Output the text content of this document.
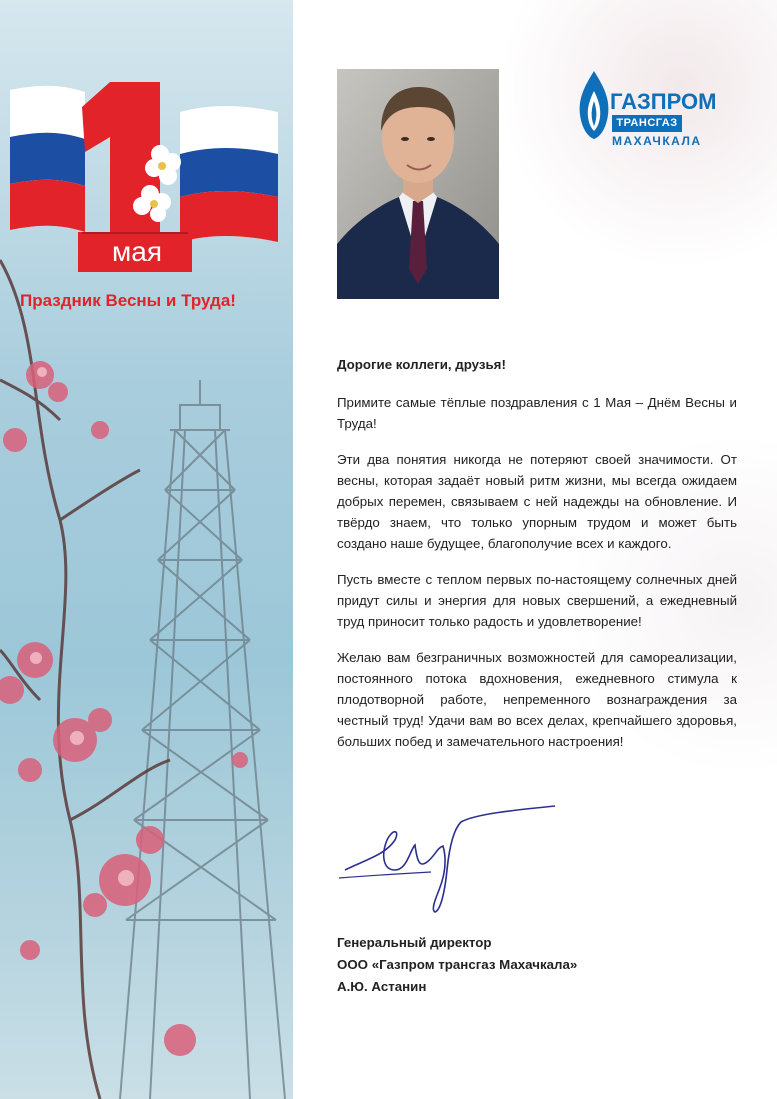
мая
Праздник Весны и Труда!
ГАЗПРОМ
ТРАНСГАЗ
МАХАЧКАЛА

Дорогие коллеги, друзья!

Примите самые тёплые поздравления с 1 Мая – Днём Весны и Труда!

Эти два понятия никогда не потеряют своей значимости. От весны, которая задаёт новый ритм жизни, мы всегда ожидаем добрых перемен, связываем с ней надежды на обновление. И твёрдо знаем, что только упорным трудом и может быть создано наше будущее, благополучие всех и каждого.

Пусть вместе с теплом первых по-настоящему солнечных дней придут силы и энергия для новых свершений, а ежедневный труд приносит только радость и удовлетворение!

Желаю вам безграничных возможностей для самореализации, постоянного потока вдохновения, ежедневного стимула к плодотворной работе, непременного вознаграждения за честный труд! Удачи вам во всех делах, крепчайшего здоровья, больших побед и замечательного настроения!

Генеральный директор
ООО «Газпром трансгаз Махачкала»
А.Ю. Астанин
